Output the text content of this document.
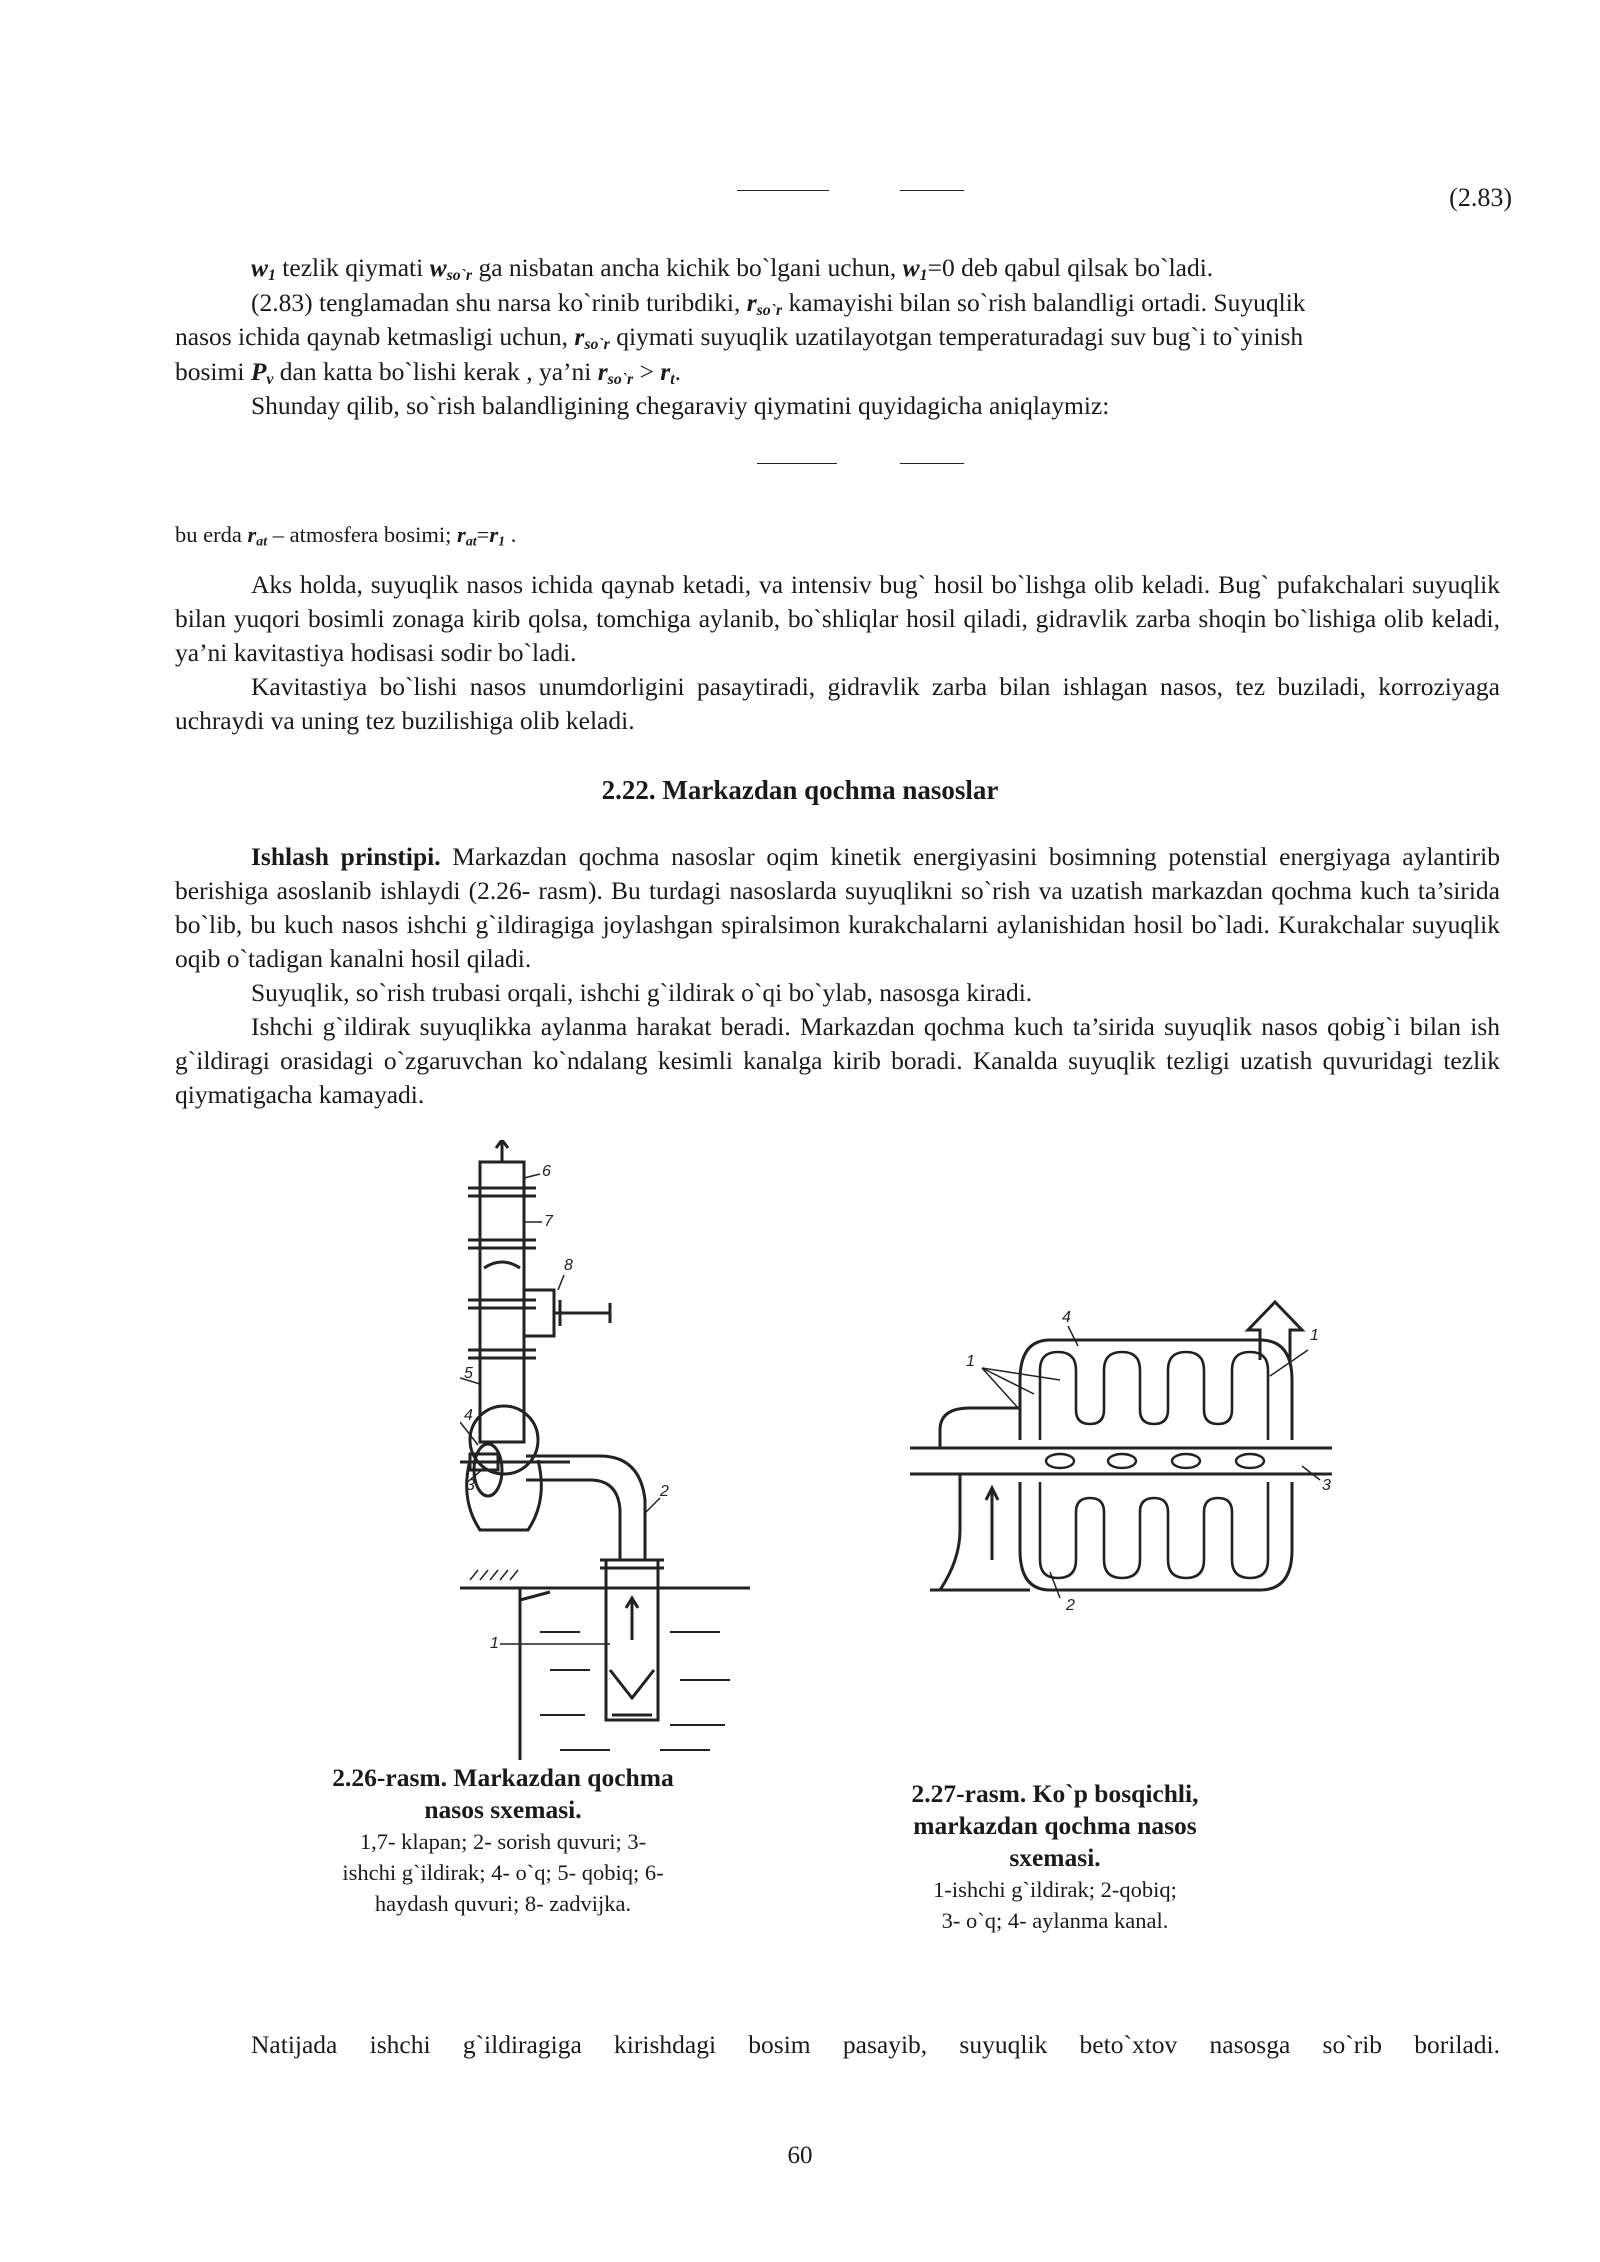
(2.83)

$w_1$ tezlik qiymati $w_{so`r}$ ga nisbatan ancha kichik bo`lgani uchun, $w_1=0$ deb qabul qilsak bo`ladi.

(2.83) tenglamadan shu narsa ko`rinib turibdiki, $r_{so`r}$ kamayishi bilan so`rish balandligi ortadi. Suyuqlik

nasos ichida qaynab ketmasligi uchun, $r_{so`r}$ qiymati suyuqlik uzatilayotgan temperaturadagi suv bug`i to`yinish

bosimi $P_v$ dan katta bo`lishi kerak , ya’ni $r_{so`r} > r_t$.

Shunday qilib, so`rish balandligining chegaraviy qiymatini quyidagicha aniqlaymiz:

bu erda $r_{at}$ – atmosfera bosimi; $r_{at}=r_1$ .

Aks holda, suyuqlik nasos ichida qaynab ketadi, va intensiv bug` hosil bo`lishga olib keladi. Bug` pufakchalari suyuqlik bilan yuqori bosimli zonaga kirib qolsa, tomchiga aylanib, bo`shliqlar hosil qiladi, gidravlik zarba shoqin bo`lishiga olib keladi, ya’ni kavitastiya hodisasi sodir bo`ladi.

Kavitastiya bo`lishi nasos unumdorligini pasaytiradi, gidravlik zarba bilan ishlagan nasos, tez buziladi, korroziyaga uchraydi va uning tez buzilishiga olib keladi.

2.22. Markazdan qochma nasoslar

Ishlash prinstipi. Markazdan qochma nasoslar oqim kinetik energiyasini bosimning potenstial energiyaga aylantirib berishiga asoslanib ishlaydi (2.26- rasm). Bu turdagi nasoslarda suyuqlikni so`rish va uzatish markazdan qochma kuch ta’sirida bo`lib, bu kuch nasos ishchi g`ildiragiga joylashgan spiralsimon kurakchalarni aylanishidan hosil bo`ladi. Kurakchalar suyuqlik oqib o`tadigan kanalni hosil qiladi.

Suyuqlik, so`rish trubasi orqali, ishchi g`ildirak o`qi bo`ylab, nasosga kiradi.

Ishchi g`ildirak suyuqlikka aylanma harakat beradi. Markazdan qochma kuch ta’sirida suyuqlik nasos qobig`i bilan ish g`ildiragi orasidagi o`zgaruvchan ko`ndalang kesimli kanalga kirib boradi. Kanalda suyuqlik tezligi uzatish quvuridagi tezlik qiymatigacha kamayadi.

6
7
8
5
4
3	2
1
1
1
2
3
4
2.26-rasm. Markazdan qochma nasos sxemasi.
1,7- klapan; 2- sorish quvuri; 3- ishchi g`ildirak; 4- o`q; 5- qobiq; 6- haydash quvuri; 8- zadvijka.
2.27-rasm. Ko`p bosqichli, markazdan qochma nasos sxemasi.
1-ishchi g`ildirak; 2-qobiq;
3- o`q; 4- aylanma kanal.

Natijada ishchi g`ildiragiga kirishdagi bosim pasayib, suyuqlik beto`xtov nasosga so`rib boriladi.

60
